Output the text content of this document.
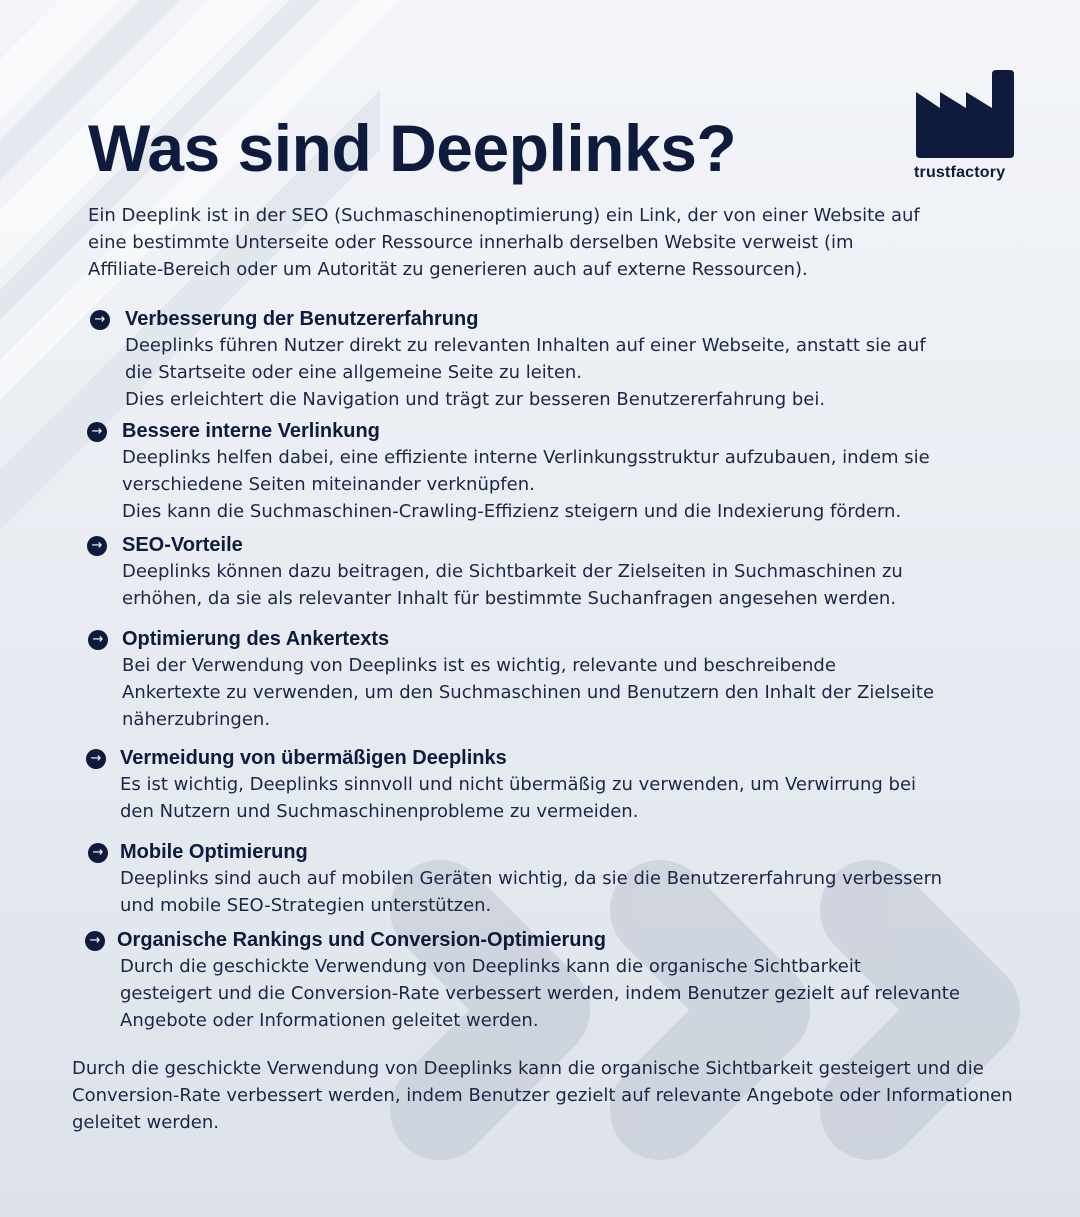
trustfactory
Was sind Deeplinks?

Ein Deeplink ist in der SEO (Suchmaschinenoptimierung) ein Link, der von einer Website auf eine bestimmte Unterseite oder Ressource innerhalb derselben Website verweist (im Affiliate-Bereich oder um Autorität zu generieren auch auf externe Ressourcen).

→ Verbesserung der Benutzererfahrung

Deeplinks führen Nutzer direkt zu relevanten Inhalten auf einer Webseite, anstatt sie auf

die Startseite oder eine allgemeine Seite zu leiten.

Dies erleichtert die Navigation und trägt zur besseren Benutzererfahrung bei.

→ Bessere interne Verlinkung

Deeplinks helfen dabei, eine effiziente interne Verlinkungsstruktur aufzubauen, indem sie

verschiedene Seiten miteinander verknüpfen.

Dies kann die Suchmaschinen-Crawling-Effizienz steigern und die Indexierung fördern.

→ SEO-Vorteile

Deeplinks können dazu beitragen, die Sichtbarkeit der Zielseiten in Suchmaschinen zu

erhöhen, da sie als relevanter Inhalt für bestimmte Suchanfragen angesehen werden.

→ Optimierung des Ankertexts

Bei der Verwendung von Deeplinks ist es wichtig, relevante und beschreibende

Ankertexte zu verwenden, um den Suchmaschinen und Benutzern den Inhalt der Zielseite

näherzubringen.

→ Vermeidung von übermäßigen Deeplinks

Es ist wichtig, Deeplinks sinnvoll und nicht übermäßig zu verwenden, um Verwirrung bei

den Nutzern und Suchmaschinenprobleme zu vermeiden.

→ Mobile Optimierung

Deeplinks sind auch auf mobilen Geräten wichtig, da sie die Benutzererfahrung verbessern

und mobile SEO-Strategien unterstützen.

→ Organische Rankings und Conversion-Optimierung

Durch die geschickte Verwendung von Deeplinks kann die organische Sichtbarkeit

gesteigert und die Conversion-Rate verbessert werden, indem Benutzer gezielt auf relevante

Angebote oder Informationen geleitet werden.

Durch die geschickte Verwendung von Deeplinks kann die organische Sichtbarkeit gesteigert und die Conversion-Rate verbessert werden, indem Benutzer gezielt auf relevante Angebote oder Informationen geleitet werden.
